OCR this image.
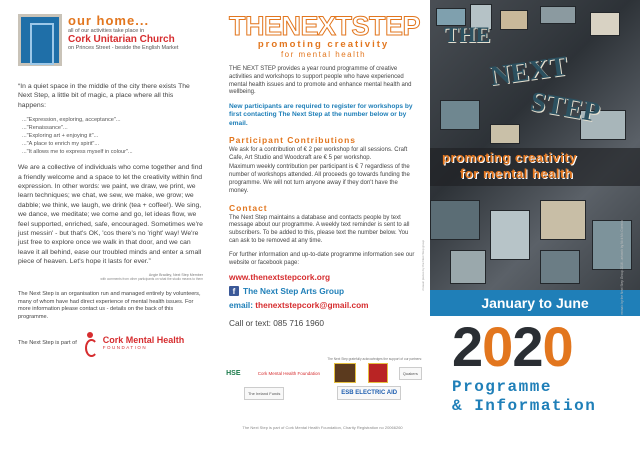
our home...
all of our activities take place in
Cork Unitarian Church
on Princes Street - beside the English Market
“In a quiet space in the middle of the city there exists The Next Step, a little bit of magic, a place where all this happens:
..."Expression, exploring, acceptance"...
..."Renaissance"...
..."Exploring art + enjoying it"...
..."A place to enrich my spirit"...
..."It allows me to express myself in colour"...
We are a collective of individuals who come together and find a friendly welcome and a space to let the creativity within find expression. In other words: we paint, we draw, we print, we learn techniques; we chat, we sew, we make, we grow; we dabble; we think, we laugh, we drink (tea + coffee!). We sing, we dance, we meditate; we come and go, let ideas flow, we feel supported, enriched, safe, encouraged. Sometimes we're just messin' - but that's OK, 'cos there's no 'right' way! We're just free to explore once we walk in that door, and we can leave it all behind, ease our troubled minds and enter a small piece of heaven. Let's hope it lasts for ever.”
Angie Bradley, Next Step Member
with comments from other participants on what the studio means to them
The Next Step is an organisation run and managed entirely by volunteers, many of whom have had direct experience of mental health issues. For more information please contact us - details on the back of this programme.
The Next Step is part of	Cork Mental Health
FOUNDATION
THENEXTSTEP
promoting creativity
for mental health
THE NEXT STEP provides a year round programme of creative activities and workshops to support people who have experienced mental health issues and to promote and enhance mental health and wellbeing.
New participants are required to register for workshops by first contacting The Next Step at the number below or by email.
Participant Contributions
We ask for a contribution of € 2 per workshop for all sessions. Craft Cafe, Art Studio and Woodcraft are € 5 per workshop.
Maximum weekly contribution per participant is € 7 regardless of the number of workshops attended. All proceeds go towards funding the programme. We will not turn anyone away if they don't have the money.
Contact
The Next Step maintains a database and contacts people by text message about our programme. A weekly text reminder is sent to all subscribers. To be added to this, please text the number below. You can ask to be removed at any time.
For further information and up-to-date programme information see our website or facebook page:
www.thenextstepcork.org
f The Next Step Arts Group
email: thenextstepcork@gmail.com
Call or text: 085 716 1960
The Next Step gratefully acknowledges the support of our partners:
HSE	Cork Mental Health Foundation	Quakers
The Ireland Funds	ESB ELECTRIC AID
The Next Step is part of Cork Mental Health Foundation, Charity Registration no 20066260
mosaic pieces by the Next Step group
THE
NEXT
STEP
promoting creativity
for mental health
January to June
2020
Programme
& Information
mosaic by the Next Step Group 2016 - artwork by Nick Mc Cormick
